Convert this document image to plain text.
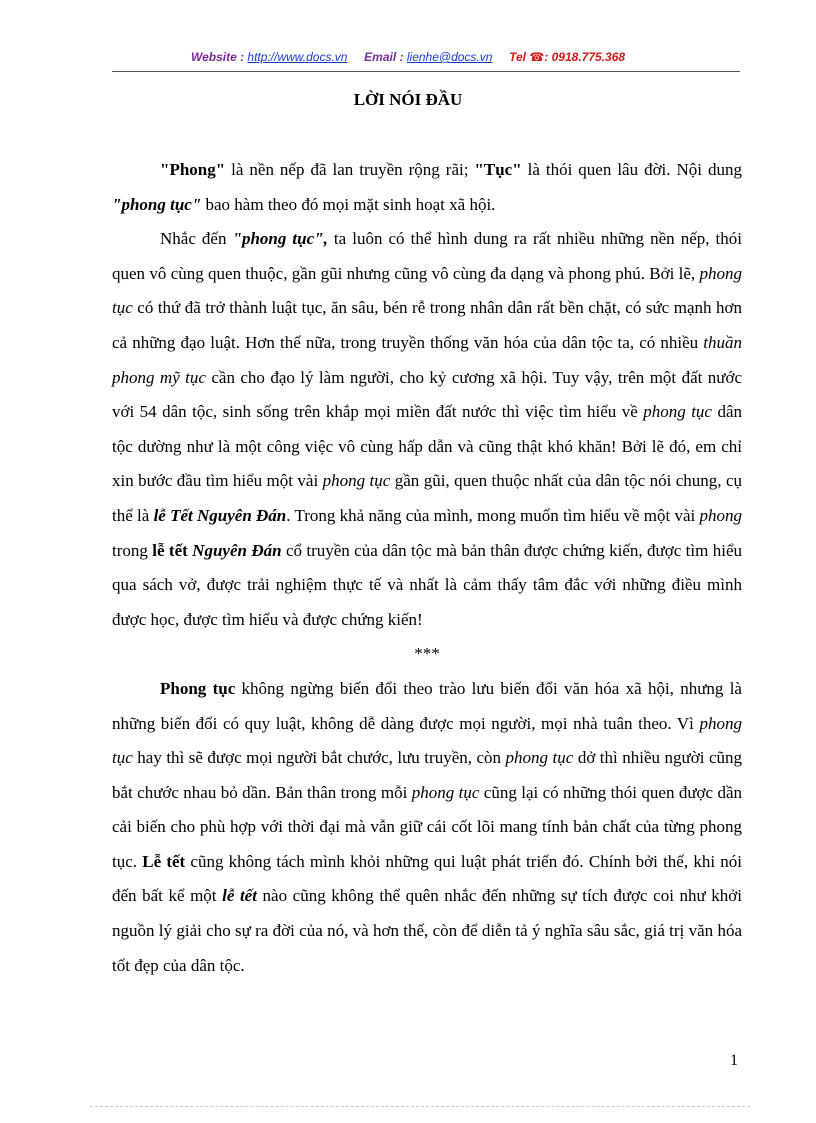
Website : http://www.docs.vn Email : lienhe@docs.vn Tel ☎: 0918.775.368
LỜI NÓI ĐẦU

"Phong" là nền nếp đã lan truyền rộng rãi; "Tục" là thói quen lâu đời. Nội dung "phong tục" bao hàm theo đó mọi mặt sinh hoạt xã hội.

Nhắc đến "phong tục", ta luôn có thể hình dung ra rất nhiều những nền nếp, thói quen vô cùng quen thuộc, gần gũi nhưng cũng vô cùng đa dạng và phong phú. Bởi lẽ, phong tục có thứ đã trở thành luật tục, ăn sâu, bén rễ trong nhân dân rất bền chặt, có sức mạnh hơn cả những đạo luật. Hơn thế nữa, trong truyền thống văn hóa của dân tộc ta, có nhiều thuần phong mỹ tục cần cho đạo lý làm người, cho kỷ cương xã hội. Tuy vậy, trên một đất nước với 54 dân tộc, sinh sống trên khắp mọi miền đất nước thì việc tìm hiểu về phong tục dân tộc dường như là một công việc vô cùng hấp dẫn và cũng thật khó khăn! Bởi lẽ đó, em chỉ xin bước đầu tìm hiểu một vài phong tục gần gũi, quen thuộc nhất của dân tộc nói chung, cụ thể là lễ Tết Nguyên Đán. Trong khả năng của mình, mong muốn tìm hiểu về một vài phong trong lễ tết Nguyên Đán cổ truyền của dân tộc mà bản thân được chứng kiến, được tìm hiểu qua sách vở, được trải nghiệm thực tế và nhất là cảm thấy tâm đắc với những điều mình được học, được tìm hiểu và được chứng kiến!

***

Phong tục không ngừng biến đổi theo trào lưu biến đổi văn hóa xã hội, nhưng là những biến đổi có quy luật, không dễ dàng được mọi người, mọi nhà tuân theo. Vì phong tục hay thì sẽ được mọi người bắt chước, lưu truyền, còn phong tục dở thì nhiều người cũng bắt chước nhau bỏ dần. Bản thân trong mỗi phong tục cũng lại có những thói quen được dần cải biến cho phù hợp với thời đại mà vẫn giữ cái cốt lõi mang tính bản chất của từng phong tục. Lễ tết cũng không tách mình khỏi những qui luật phát triển đó. Chính bởi thế, khi nói đến bất kể một lễ tết nào cũng không thể quên nhắc đến những sự tích được coi như khởi nguồn lý giải cho sự ra đời của nó, và hơn thế, còn để diễn tả ý nghĩa sâu sắc, giá trị văn hóa tốt đẹp của dân tộc.

1
